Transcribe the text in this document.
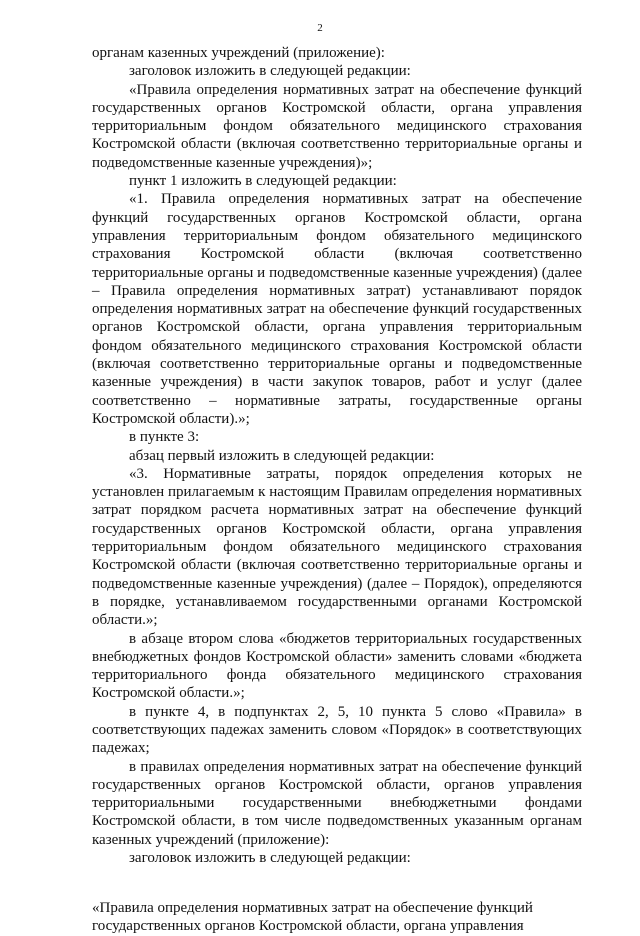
2

органам казенных учреждений (приложение):

заголовок изложить в следующей редакции:

«Правила определения нормативных затрат на обеспечение функций государственных органов Костромской области, органа управления территориальным фондом обязательного медицинского страхования Костромской области (включая соответственно территориальные органы и подведомственные казенные учреждения)»;

пункт 1 изложить в следующей редакции:

«1. Правила определения нормативных затрат на обеспечение функций государственных органов Костромской области, органа управления территориальным фондом обязательного медицинского страхования Костромской области (включая соответственно территориальные органы и подведомственные казенные учреждения) (далее – Правила определения нормативных затрат) устанавливают порядок определения нормативных затрат на обеспечение функций государственных органов Костромской области, органа управления территориальным фондом обязательного медицинского страхования Костромской области (включая соответственно территориальные органы и подведомственные казенные учреждения) в части закупок товаров, работ и услуг (далее соответственно – нормативные затраты, государственные органы Костромской области).»;

в пункте 3:

абзац первый изложить в следующей редакции:

«3. Нормативные затраты, порядок определения которых не установлен прилагаемым к настоящим Правилам определения нормативных затрат порядком расчета нормативных затрат на обеспечение функций государственных органов Костромской области, органа управления территориальным фондом обязательного медицинского страхования Костромской области (включая соответственно территориальные органы и подведомственные казенные учреждения) (далее – Порядок), определяются в порядке, устанавливаемом государственными органами Костромской области.»;

в абзаце втором слова «бюджетов территориальных государственных внебюджетных фондов Костромской области» заменить словами «бюджета территориального фонда обязательного медицинского страхования Костромской области.»;

в пункте 4, в подпунктах 2, 5, 10 пункта 5 слово «Правила» в соответствующих падежах заменить словом «Порядок» в соответствующих падежах;

в правилах определения нормативных затрат на обеспечение функций государственных органов Костромской области, органов управления территориальными государственными внебюджетными фондами Костромской области, в том числе подведомственных указанным органам казенных учреждений (приложение):

заголовок изложить в следующей редакции:

«Правила определения нормативных затрат на обеспечение функций государственных органов Костромской области, органа управления
